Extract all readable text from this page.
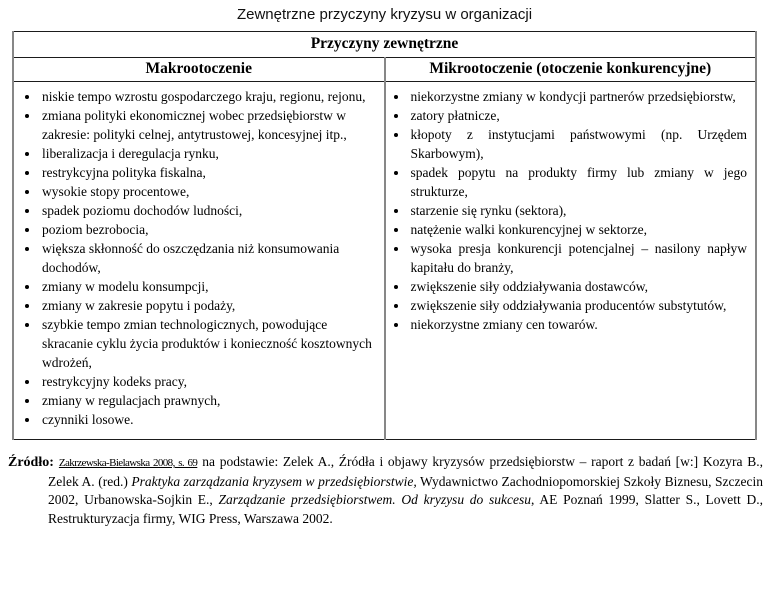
Zewnętrzne przyczyny kryzysu w organizacji
Przyczyny zewnętrzne	
Makrootoczenie	Mikrootoczenie (otoczenie konkurencyjne)

• niskie tempo wzrostu gospodarczego kraju, regionu, rejonu,
• zmiana polityki ekonomicznej wobec przedsiębiorstw w zakresie: polityki celnej, antytrustowej, koncesyjnej itp.,
• liberalizacja i deregulacja rynku,
• restrykcyjna polityka fiskalna,
• wysokie stopy procentowe,
• spadek poziomu dochodów ludności,
• poziom bezrobocia,
• większa skłonność do oszczędzania niż konsumowania dochodów,
• zmiany w modelu konsumpcji,
• zmiany w zakresie popytu i podaży,
• szybkie tempo zmian technologicznych, powodujące skracanie cyklu życia produktów i konieczność kosztownych wdrożeń,
• restrykcyjny kodeks pracy,
• zmiany w regulacjach prawnych,
• czynniki losowe.

• niekorzystne zmiany w kondycji partnerów przedsiębiorstw,
• zatory płatnicze,
• kłopoty z instytucjami państwowymi (np. Urzędem Skarbowym),
• spadek popytu na produkty firmy lub zmiany w jego strukturze,
• starzenie się rynku (sektora),
• natężenie walki konkurencyjnej w sektorze,
• wysoka presja konkurencji potencjalnej – nasilony napływ kapitału do branży,
• zwiększenie siły oddziaływania dostawców,
• zwiększenie siły oddziaływania producentów substytutów,
• niekorzystne zmiany cen towarów.

Źródło: Zakrzewska-Bielawska 2008, s. 69 na podstawie: Zelek A., Źródła i objawy kryzysów przedsiębiorstw – raport z badań [w:] Kozyra B., Zelek A. (red.) Praktyka zarządzania kryzysem w przedsiębiorstwie, Wydawnictwo Zachodniopomorskiej Szkoły Biznesu, Szczecin 2002, Urbanowska-Sojkin E., Zarządzanie przedsiębiorstwem. Od kryzysu do sukcesu, AE Poznań 1999, Slatter S., Lovett D., Restrukturyzacja firmy, WIG Press, Warszawa 2002.
